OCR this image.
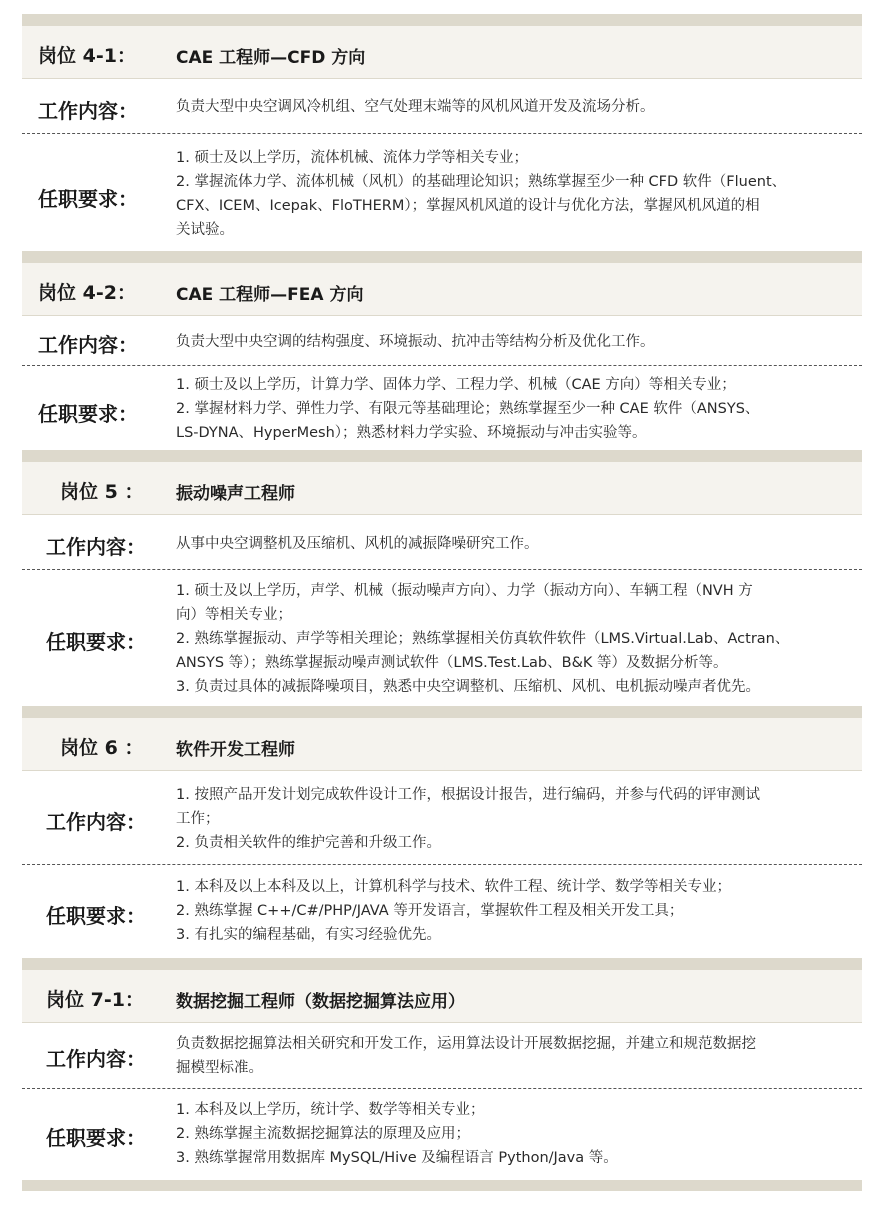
岗位 4-1： CAE 工程师—CFD 方向
工作内容：	负责大型中央空调风冷机组、空气处理末端等的风机风道开发及流场分析。
任职要求：
1. 硕士及以上学历，流体机械、流体力学等相关专业；
2. 掌握流体力学、流体机械（风机）的基础理论知识；熟练掌握至少一种 CFD 软件（Fluent、
CFX、ICEM、Icepak、FloTHERM）；掌握风机风道的设计与优化方法，掌握风机风道的相
关试验。
岗位 4-2： CAE 工程师—FEA 方向
工作内容：	负责大型中央空调的结构强度、环境振动、抗冲击等结构分析及优化工作。
任职要求：
1. 硕士及以上学历，计算力学、固体力学、工程力学、机械（CAE 方向）等相关专业；
2. 掌握材料力学、弹性力学、有限元等基础理论；熟练掌握至少一种 CAE 软件（ANSYS、
LS-DYNA、HyperMesh）；熟悉材料力学实验、环境振动与冲击实验等。
岗位 5 ： 振动噪声工程师
工作内容： 从事中央空调整机及压缩机、风机的减振降噪研究工作。
任职要求：
1. 硕士及以上学历，声学、机械（振动噪声方向）、力学（振动方向）、车辆工程（NVH 方
向）等相关专业；
2. 熟练掌握振动、声学等相关理论；熟练掌握相关仿真软件软件（LMS.Virtual.Lab、Actran、
ANSYS 等）；熟练掌握振动噪声测试软件（LMS.Test.Lab、B&K 等）及数据分析等。
3. 负责过具体的减振降噪项目，熟悉中央空调整机、压缩机、风机、电机振动噪声者优先。
岗位 6 ： 软件开发工程师
工作内容：
1. 按照产品开发计划完成软件设计工作，根据设计报告，进行编码，并参与代码的评审测试
工作；
2. 负责相关软件的维护完善和升级工作。
任职要求：
1. 本科及以上本科及以上，计算机科学与技术、软件工程、统计学、数学等相关专业；
2. 熟练掌握 C++/C#/PHP/JAVA 等开发语言，掌握软件工程及相关开发工具；
3. 有扎实的编程基础，有实习经验优先。
岗位 7-1： 数据挖掘工程师（数据挖掘算法应用）
工作内容：
负责数据挖掘算法相关研究和开发工作，运用算法设计开展数据挖掘，并建立和规范数据挖
掘模型标准。
任职要求：
1. 本科及以上学历，统计学、数学等相关专业；
2. 熟练掌握主流数据挖掘算法的原理及应用；
3. 熟练掌握常用数据库 MySQL/Hive 及编程语言 Python/Java 等。
